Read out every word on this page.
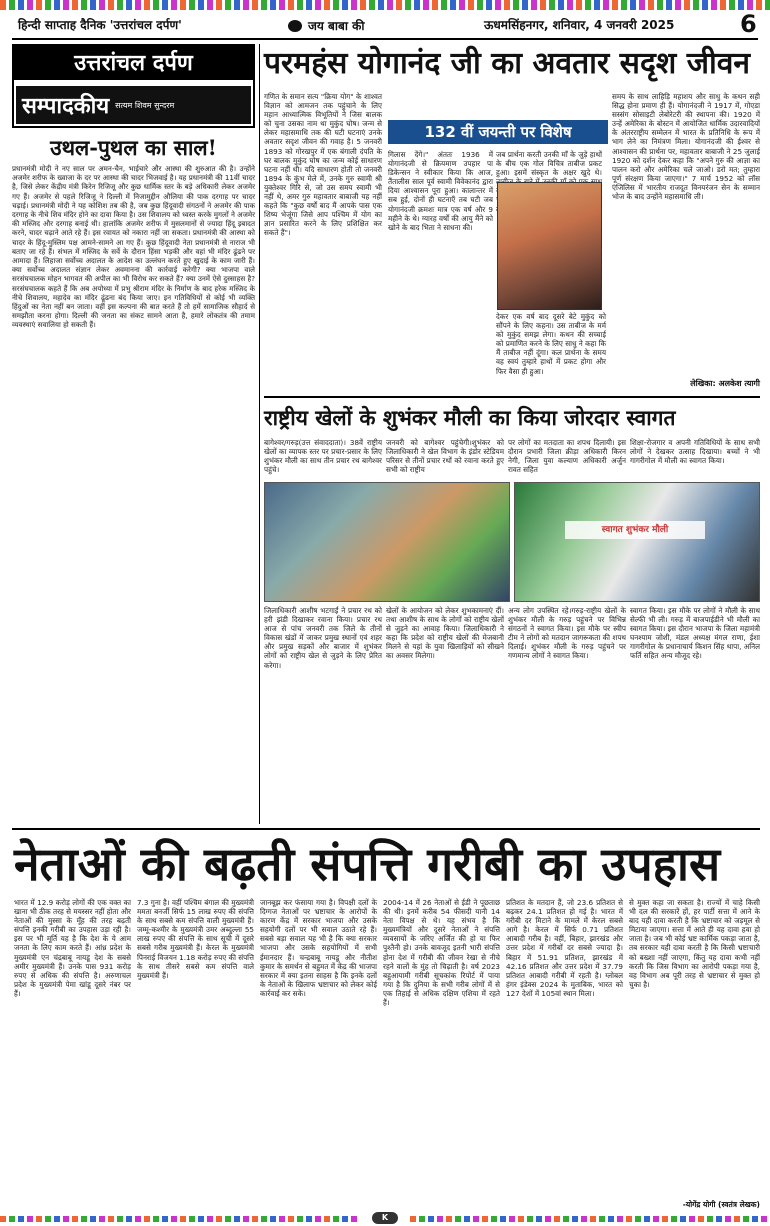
हिन्दी साप्ताह दैनिक 'उत्तरांचल दर्पण'	जय बाबा की	ऊधमसिंहनगर, शनिवार, 4 जनवरी 2025	6
उत्तरांचल दर्पण
सम्पादकीय सत्यम शिवम सुन्दरम
उथल-पुथल का साल!
प्रधानमंत्री मोदी ने नए साल पर अमन-चैन, भाईचारे और आस्था की शुरुआत की है। उन्होंने अजमेर शरीफ के ख्वाजा के दर पर आस्था की चादर भिजवाई है। यह प्रधानमंत्री की 11वीं चादर है, जिसे लेकर केंद्रीय मंत्री किरेन रिजिजू और कुछ धार्मिक स्तर के बड़े अधिकारी लेकर अजमेर गए हैं। अजमेर से पहले रिजिजू ने दिल्ली में निजामुद्दीन औलिया की पाक दरगाह पर चादर चढ़ाई। प्रधानमंत्री मोदी ने यह कोशिश तब की है, जब कुछ हिंदूवादी संगठनों ने अजमेर की पाक दरगाह के नीचे शिव मंदिर होने का दावा किया है। उस शिवालय को ध्वस्त करके मुगलों ने अजमेर की मस्जिद और दरगाह बनाई थी। हालांकि अजमेर शरीफ में मुसलमानों से ज्यादा हिंदू इबादत करने, चादर चढ़ाने आते रहे हैं। इस रवायत को नकारा नहीं जा सकता। प्रधानमंत्री की आस्था को चादर के हिंदू-मुस्लिम पक्ष आमने-सामने आ गए हैं। कुछ हिंदूवादी नेता प्रधानमंत्री से नाराज भी बताए जा रहे हैं। संभल में मस्जिद के सर्वे के दौरान हिंसा भड़की और वहां भी मंदिर ढूंढने पर आमादा हैं। लिहाजा सर्वोच्च अदालत के आदेश का उल्लंघन करते हुए खुदाई के काम जारी हैं। क्या सर्वोच्च अदालत संज्ञान लेकर अवमानना की कार्रवाई करेगी? क्या भाजपा वाले सरसंघचालक मोहन भागवत की अपील का भी विरोध कर सकते हैं? क्या उनमें ऐसे दुस्साहस है? सरसंघचालक कहते हैं कि अब अयोध्या में प्रभु श्रीराम मंदिर के निर्माण के बाद हरेक मस्जिद के नीचे शिवालय, महादेव का मंदिर ढूंढना बंद किया जाए। इन गतिविधियों से कोई भी व्यक्ति हिंदुओं का नेता नहीं बन जाता। वहीं इस कल्पना की बात करते हैं तो हमें सामाजिक सौहार्द से समझौता करना होगा। दिल्ली की जनता का संकट सामने आता है, हमारे लोकतंत्र की तमाम व्यवस्थाएं सवालिया हो सकती हैं।
परमहंस योगानंद जी का अवतार सदृश जीवन
गणित के समान सत्य "क्रिया योग" के शाश्वत विज्ञान को आमजन तक पहुंचाने के लिए महान आध्यात्मिक विभूतियों ने जिस बालक को चुना उसका नाम था मुकुंद घोष। जन्म से लेकर महासमाधि तक की घटी घटनाएं उनके अवतार सदृश जीवन की गवाह है। 5 जनवरी 1893 को गोरखपुर में एक बंगाली दंपति के घर बालक मुकुंद घोष का जन्म कोई साधारण घटना नहीं थी। यदि साधारण होती तो जनवरी 1894 के कुंभ मेले में, उनके गुरु स्वामी श्री युक्तेश्वर गिरि से, जो उस समय स्वामी भी नहीं थे, अमर गुरु महावतार बाबाजी यह नहीं कहते कि "कुछ वर्षों बाद मैं आपके पास एक शिष्य भेजूंगा जिसे आप पश्चिम में योग का ज्ञान प्रसारित करने के लिए प्रशिक्षित कर सकते हैं"।
132 वीं जयन्ती पर विशेष
गिलास देंगे।" अंततः 1936 में योगानंदजी से क्रियमाण उपहार पा डिकेन्सन ने स्वीकार किया कि आज, तैंतालीस साल पूर्व स्वामी विवेकानंद द्वारा दिया आश्वासन पूरा हुआ। कालान्तर में सब हुई, दोनों ही घटनाएँ तब घटी जब योगानंदजी क्रमशः मात्र एक वर्ष और 9 महीने के थे। ग्यारह वर्षों की आयु मैंने को खोने के बाद भिता ने साधना की।
जब प्रार्थना करती उनकी माँ के जुड़े हाथों के बीच एक गोल विचित्र ताबीज प्रकट हुआ। इसमें संस्कृत के अक्षर खुदे थे।
देकर एक वर्ष बाद दूसरे बेटे मुकुंद को सौंपने के लिए कहना। उस ताबीज के मर्म को मुकुंद समझ लेगा। कथन की सच्चाई को प्रमाणित करने के लिए साधु ने कहा कि मैं ताबीज नहीं दूंगा। कल प्रार्थना के समय वह स्वयं तुम्हारे हाथों में प्रकट होगा और फिर वैसा ही हुआ।
समय के साथ लाहिड़ि महाशय और साधु के कथन सही सिद्ध होना प्रमाण ही हैं। योगानंदजी ने 1917 में, गोएडा सस्संग सोसाइटी लेबोरेटरी की स्थापना की। 1920 में उन्हें अमेरिका के बोस्टन में आयोजित धार्मिक उदारवादियों के अंतरराष्ट्रीय सम्मेलन में भारत के प्रतिनिधि के रूप में भाग लेने का निमंत्रण मिला। योगानंदजी की ईश्वर से आश्वासन की प्रार्थना पर, महावतार बाबाजी ने 25 जुलाई 1920 को दर्शन देकर कहा कि "अपने गुरु की आज्ञा का पालन करो और अमेरिका चले जाओ। डरो मत; तुम्हारा पूर्ण संरक्षण किया जाएगा।" 7 मार्च 1952 को लॉस एंजिलिस में भारतीय राजदूत विनयरंजन सेन के सम्मान भोज के बाद उन्होंने महासमाधि ली।
लेखिका: अलकेश त्यागी
राष्ट्रीय खेलों के शुभंकर मौली का किया जोरदार स्वागत
बागेश्वर/गरुड़(उत्त संवाददाता)। 38वें राष्ट्रीय खेलों का व्यापक स्तर पर प्रचार-प्रसार के लिए शुभंकर मौली का साथ तीन प्रचार रथ बागेश्वर पहुंचे।
जनवरी को बागेश्वर पहुंचेगी।शुभंकर को जिलाधिकारी ने खेल विभाग के इंडोर स्टेडियम परिसर से तीनों प्रचार रथों को रवाना करते हुए सभी को राष्ट्रीय
पर लोगों का मतदाता का शपथ दिलायी। इस दौरान प्रभारी जिला क्रीड़ा अधिकारी किरन नेगी, जिला युवा कल्याण अधिकारी अर्जुन रावत सहित
शिक्षा-रोजगार व अपनी गतिविधियों के साथ सभी लोगों ने देखकर उत्साह दिखाया। बच्चों ने भी गागरीगोल में मौली का स्वागत किया।
स्वागत शुभंकर मौली
जिलाधिकारी आशीष भटगाईं ने प्रचार रथ को हरी झंडी दिखाकर रवाना किया। प्रचार रथ आज से पांच जनवरी तक जिले के तीनों विकास खंडों में जाकर प्रमुख स्थानों एवं शहर और प्रमुख सड़कों और बाजार में शुभंकर लोगों को राष्ट्रीय खेल से जुड़ने के लिए प्रेरित करेगा।
खेलों के आयोजन को लेकर शुभकामनाएं दीं। तथा आशीष के साथ के लोगों को राष्ट्रीय खेलों से जुड़ने का आवाह किया। जिलाधिकारी ने कहा कि प्रदेश को राष्ट्रीय खेलों की मेजबानी मिलने से यहां के युवा खिलाड़ियों को सीखने का अवसर मिलेगा।
अन्य लोग उपस्थित रहे।गरुड़-राष्ट्रीय खेलों के शुभंकर मौली के गरुड़ पहुंचने पर विभिन्न संगठनों ने स्वागत किया। इस मौके पर स्वीप टीम ने लोगों को मतदान जागरूकता की शपथ दिलाई। शुभंकर मौली के गरुड़ पहुंचने पर गणमान्य लोगों ने स्वागत किया।
स्वागत किया। इस मौके पर लोगों ने मौली के साथ सेल्फी भी ली। गरुड़ में बाजपाईडीने भी मौली का स्वागत किया। इस दौरान भाजपा के जिला महामंत्री घनश्याम जोशी, मंडल अध्यक्ष मंगल राणा, ईशा गागरीगोल के प्रधानाचार्य किशन सिंह थापा, अनिल फर्ति सहित अन्य मौजूद रहे।
नेताओं की बढ़ती संपत्ति गरीबी का उपहास
भारत में 12.9 करोड़ लोगों की एक वक्त का खाना भी ठीक तरह से मयस्सर नहीं होता और नेताओं की मुस्सा के मूँह की तरह बढ़ती संपत्ति इनकी गरीबी का उपहास उड़ा रही है। इस पर भी मूर्ति यह है कि देश के ये आम जनता के लिए काम करते हैं। आंध्र प्रदेश के मुख्यमंत्री एन चंद्रबाबू नायडू देश के सबसे अमीर मुख्यमंत्री हैं। उनके पास 931 करोड़ रुपए से अधिक की संपत्ति है। अरुणाचल प्रदेश के मुख्यमंत्री पेमा खांडू दूसरे नंबर पर हैं।
7.3 गुना है। वहीं पश्चिम बंगाल की मुख्यमंत्री ममता बनर्जी सिर्फ 15 लाख रुपए की संपत्ति के साथ सबसे कम संपत्ति वाली मुख्यमंत्री हैं। जम्मू-कश्मीर के मुख्यमंत्री उमर अब्दुल्ला 55 लाख रुपए की संपत्ति के साथ सूची में दूसरे सबसे गरीब मुख्यमंत्री हैं। केरल के मुख्यमंत्री पिनराई विजयन 1.18 करोड़ रुपए की संपत्ति के साथ तीसरे सबसे कम संपत्ति वाले मुख्यमंत्री हैं।
जानबूझ कर फंसाया गया है। विपक्षी दलों के दिग्गज नेताओं पर भ्रष्टाचार के आरोपों के कारण केंद्र में सरकार भाजपा और उसके सहयोगी दलों पर भी सवाल उठाते रहे हैं। सबसे बड़ा सवाल यह भी है कि क्या सरकार भाजपा और उसके सहयोगियों में सभी ईमानदार हैं। चन्द्रबाबू नायडू और नीतीश कुमार के समर्थन से बहुमत में केंद्र की भाजपा सरकार में क्या इतना साहस है कि इनके दलों के नेताओं के खिलाफ भ्रष्टाचार को लेकर कोई कार्रवाई कर सके।
2004-14 में 26 नेताओं से ईडी ने पूछताछ की थी। इनमें करीब 54 फीसदी यानी 14 नेता विपक्ष से थे। यह संभव है कि मुख्यमंत्रियों और दूसरे नेताओं ने संपत्ति व्यवसायों के जरिए अर्जित की हो या फिर पुश्तैनी हो। उनके बावजूद इतनी भारी संपत्ति होना देश में गरीबी की जीवन रेखा से नीचे रहने वालों के मुंह तो चिढ़ाती है। वर्ष 2023 बहुआयामी गरीबी सूचकांक रिपोर्ट में पाया गया है कि दुनिया के सभी गरीब लोगों में से एक तिहाई से अधिक दक्षिण एशिया में रहते हैं।
प्रतिशत के मतदान हैं, जो 23.6 प्रतिशत से बढ़कर 24.1 प्रतिशत हो गई है। भारत में गरीबी दर मिटाने के मामले में केरल सबसे आगे है। केरल में सिर्फ 0.71 प्रतिशत आबादी गरीब है। वहीं, बिहार, झारखंड और उत्तर प्रदेश में गरीबों दर सबसे ज्यादा है। बिहार में 51.91 प्रतिशत, झारखंड में 42.16 प्रतिशत और उत्तर प्रदेश में 37.79 प्रतिशत आबादी गरीबी में रहती है। ग्लोबल हंगर इंडेक्स 2024 के मुताबिक, भारत को 127 देशों में 105वां स्थान मिला।
से मुक्त कहा जा सकता है। राज्यों में चाहे किसी भी दल की सरकारें हों, हर पार्टी सत्ता में आने के बाद यही दावा करती है कि भ्रष्टाचार को जड़मूल से मिटाया जाएगा। सत्ता में आते ही यह दावा हवा हो जाता है। जब भी कोई भ्रष्ट कार्मिक पकड़ा जाता है, तब सरकार यही दावा करती है कि किसी भ्रष्टाचारी को बख्शा नहीं जाएगा, किंतु यह दावा कभी नहीं करती कि जिस विभाग का आरोपी पकड़ा गया है, वह विभाग अब पूरी तरह से भ्रष्टाचार से मुक्त हो चुका है।
-योगेंद्र योगी (स्वतंत्र लेखक)
K
